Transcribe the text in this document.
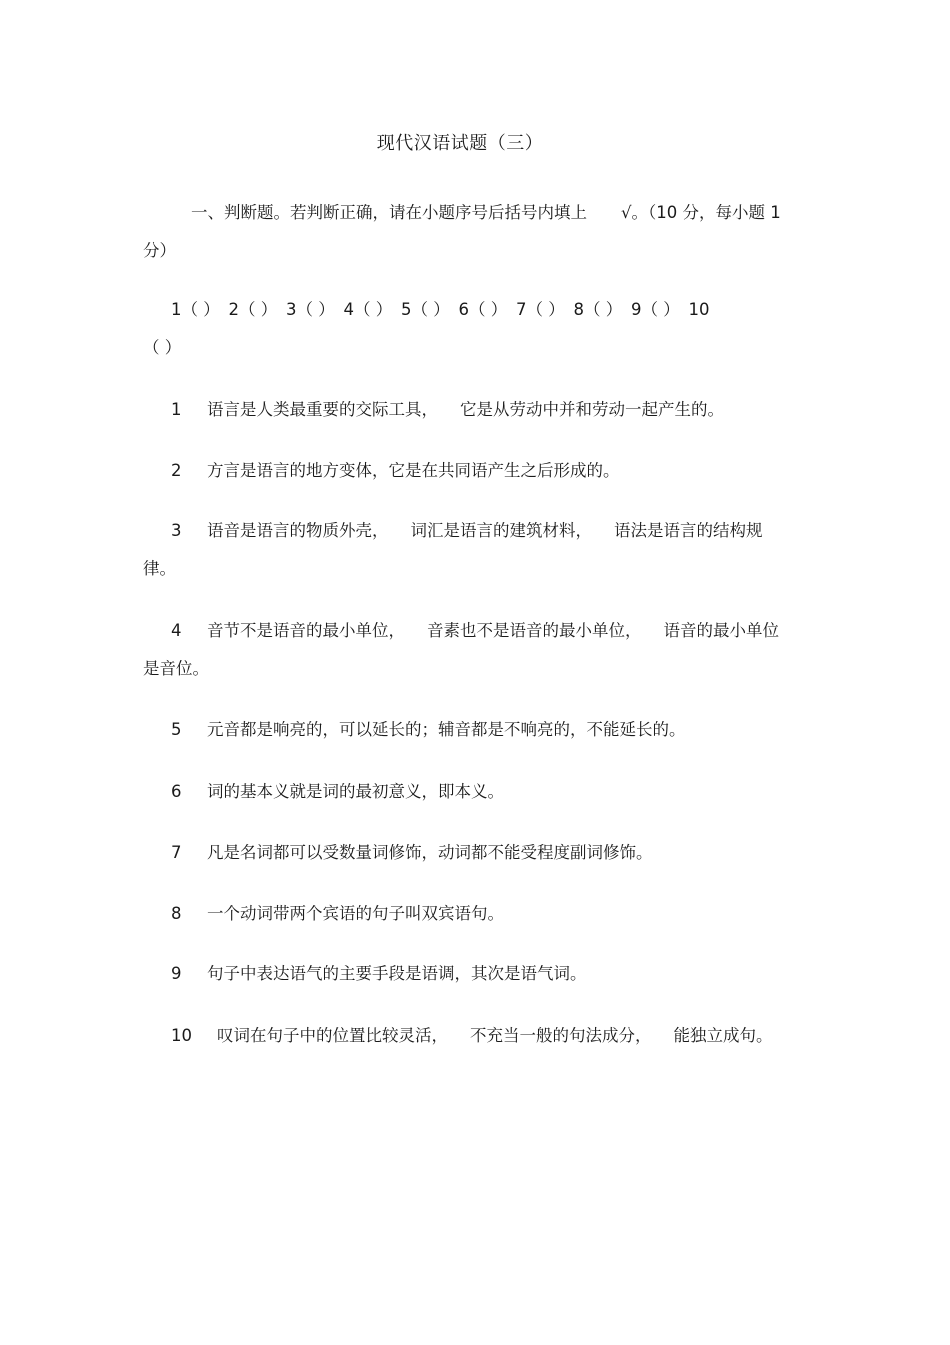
现代汉语试题（三）
一、判断题。若判断正确，请在小题序号后括号内填上 √。（10 分，每小题 1 分）
1（ ） 2（ ） 3（ ） 4（ ） 5（ ） 6（ ） 7（ ） 8（ ） 9（ ） 10
（ ）
1 语言是人类最重要的交际工具， 它是从劳动中并和劳动一起产生的。
2 方言是语言的地方变体，它是在共同语产生之后形成的。
3 语音是语言的物质外壳， 词汇是语言的建筑材料， 语法是语言的结构规律。
4 音节不是语音的最小单位， 音素也不是语音的最小单位， 语音的最小单位是音位。
5 元音都是响亮的，可以延长的；辅音都是不响亮的，不能延长的。
6 词的基本义就是词的最初意义，即本义。
7 凡是名词都可以受数量词修饰，动词都不能受程度副词修饰。
8 一个动词带两个宾语的句子叫双宾语句。
9 句子中表达语气的主要手段是语调，其次是语气词。
10 叹词在句子中的位置比较灵活， 不充当一般的句法成分， 能独立成句。
